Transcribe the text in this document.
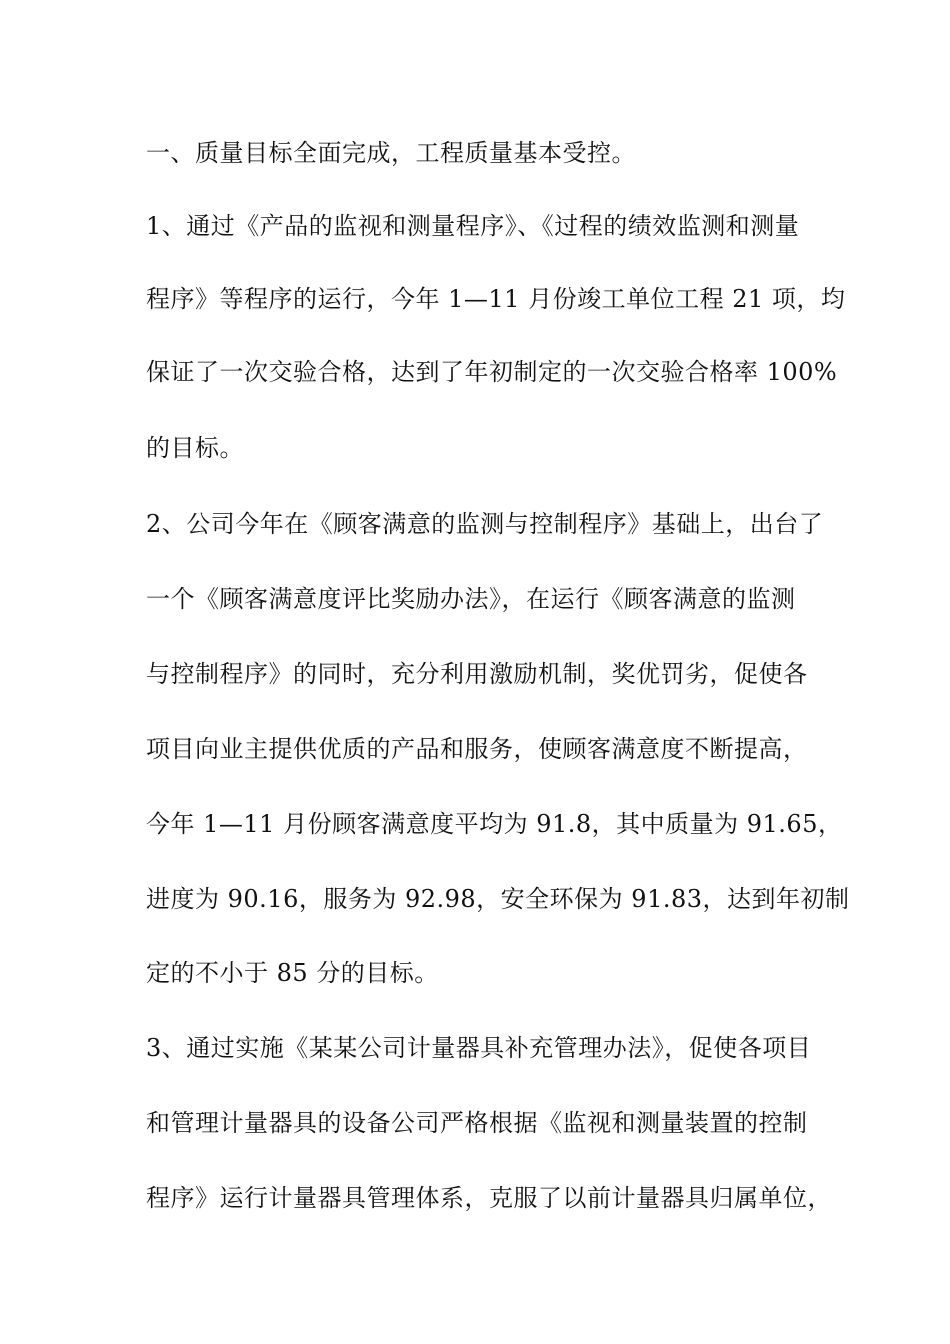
一、质量目标全面完成，工程质量基本受控。
1、通过《产品的监视和测量程序》、《过程的绩效监测和测量
程序》等程序的运行，今年 1—11 月份竣工单位工程 21 项，均
保证了一次交验合格，达到了年初制定的一次交验合格率 100%
的目标。
2、公司今年在《顾客满意的监测与控制程序》基础上，出台了
一个《顾客满意度评比奖励办法》，在运行《顾客满意的监测
与控制程序》的同时，充分利用激励机制，奖优罚劣，促使各
项目向业主提供优质的产品和服务，使顾客满意度不断提高，
今年 1—11 月份顾客满意度平均为 91.8，其中质量为 91.65，
进度为 90.16，服务为 92.98，安全环保为 91.83，达到年初制
定的不小于 85 分的目标。
3、通过实施《某某公司计量器具补充管理办法》，促使各项目
和管理计量器具的设备公司严格根据《监视和测量装置的控制
程序》运行计量器具管理体系，克服了以前计量器具归属单位，
